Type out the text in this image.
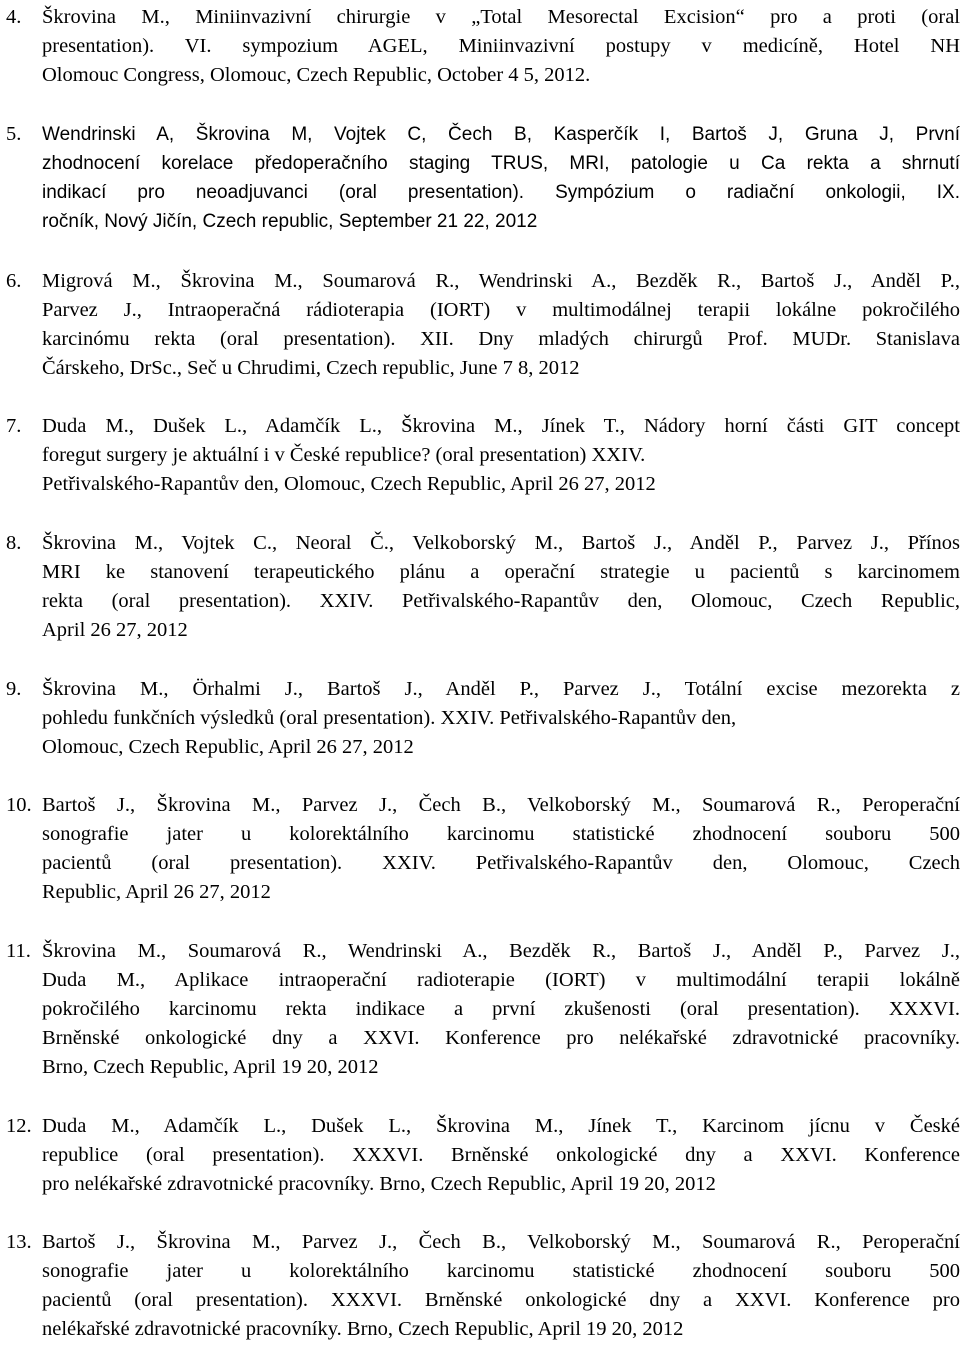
4. Škrovina M., Miniinvazivní chirurgie v „Total Mesorectal Excision“ pro a proti (oral
presentation). VI. sympozium AGEL, Miniinvazivní postupy v medicíně, Hotel NH
Olomouc Congress, Olomouc, Czech Republic, October 4 5, 2012.
5. Wendrinski A, Škrovina M, Vojtek C, Čech B, Kasperčík I, Bartoš J, Gruna J, První
zhodnocení korelace předoperačního staging TRUS, MRI, patologie u Ca rekta a shrnutí
indikací pro neoadjuvanci (oral presentation). Sympózium o radiační onkologii, IX.
ročník, Nový Jičín, Czech republic, September 21 22, 2012
6. Migrová M., Škrovina M., Soumarová R., Wendrinski A., Bezděk R., Bartoš J., Anděl P.,
Parvez J., Intraoperačná rádioterapia (IORT) v multimodálnej terapii lokálne pokročilého
karcinómu rekta (oral presentation). XII. Dny mladých chirurgů Prof. MUDr. Stanislava
Čárskeho, DrSc., Seč u Chrudimi, Czech republic, June 7 8, 2012
7. Duda M., Dušek L., Adamčík L., Škrovina M., Jínek T., Nádory horní části GIT concept
foregut surgery je aktuální i v České republice? (oral presentation) XXIV.
Petřivalského-Rapantův den, Olomouc, Czech Republic, April 26 27, 2012
8. Škrovina M., Vojtek C., Neoral Č., Velkoborský M., Bartoš J., Anděl P., Parvez J., Přínos
MRI ke stanovení terapeutického plánu a operační strategie u pacientů s karcinomem
rekta (oral presentation). XXIV. Petřivalského-Rapantův den, Olomouc, Czech Republic,
April 26 27, 2012
9. Škrovina M., Örhalmi J., Bartoš J., Anděl P., Parvez J., Totální excise mezorekta z
pohledu funkčních výsledků (oral presentation). XXIV. Petřivalského-Rapantův den,
Olomouc, Czech Republic, April 26 27, 2012
10. Bartoš J., Škrovina M., Parvez J., Čech B., Velkoborský M., Soumarová R., Peroperační
sonografie jater u kolorektálního karcinomu statistické zhodnocení souboru 500
pacientů (oral presentation). XXIV. Petřivalského-Rapantův den, Olomouc, Czech
Republic, April 26 27, 2012
11. Škrovina M., Soumarová R., Wendrinski A., Bezděk R., Bartoš J., Anděl P., Parvez J.,
Duda M., Aplikace intraoperační radioterapie (IORT) v multimodální terapii lokálně
pokročilého karcinomu rekta indikace a první zkušenosti (oral presentation). XXXVI.
Brněnské onkologické dny a XXVI. Konference pro nelékařské zdravotnické pracovníky.
Brno, Czech Republic, April 19 20, 2012
12. Duda M., Adamčík L., Dušek L., Škrovina M., Jínek T., Karcinom jícnu v České
republice (oral presentation). XXXVI. Brněnské onkologické dny a XXVI. Konference
pro nelékařské zdravotnické pracovníky. Brno, Czech Republic, April 19 20, 2012
13. Bartoš J., Škrovina M., Parvez J., Čech B., Velkoborský M., Soumarová R., Peroperační
sonografie jater u kolorektálního karcinomu statistické zhodnocení souboru 500
pacientů (oral presentation). XXXVI. Brněnské onkologické dny a XXVI. Konference pro
nelékařské zdravotnické pracovníky. Brno, Czech Republic, April 19 20, 2012
